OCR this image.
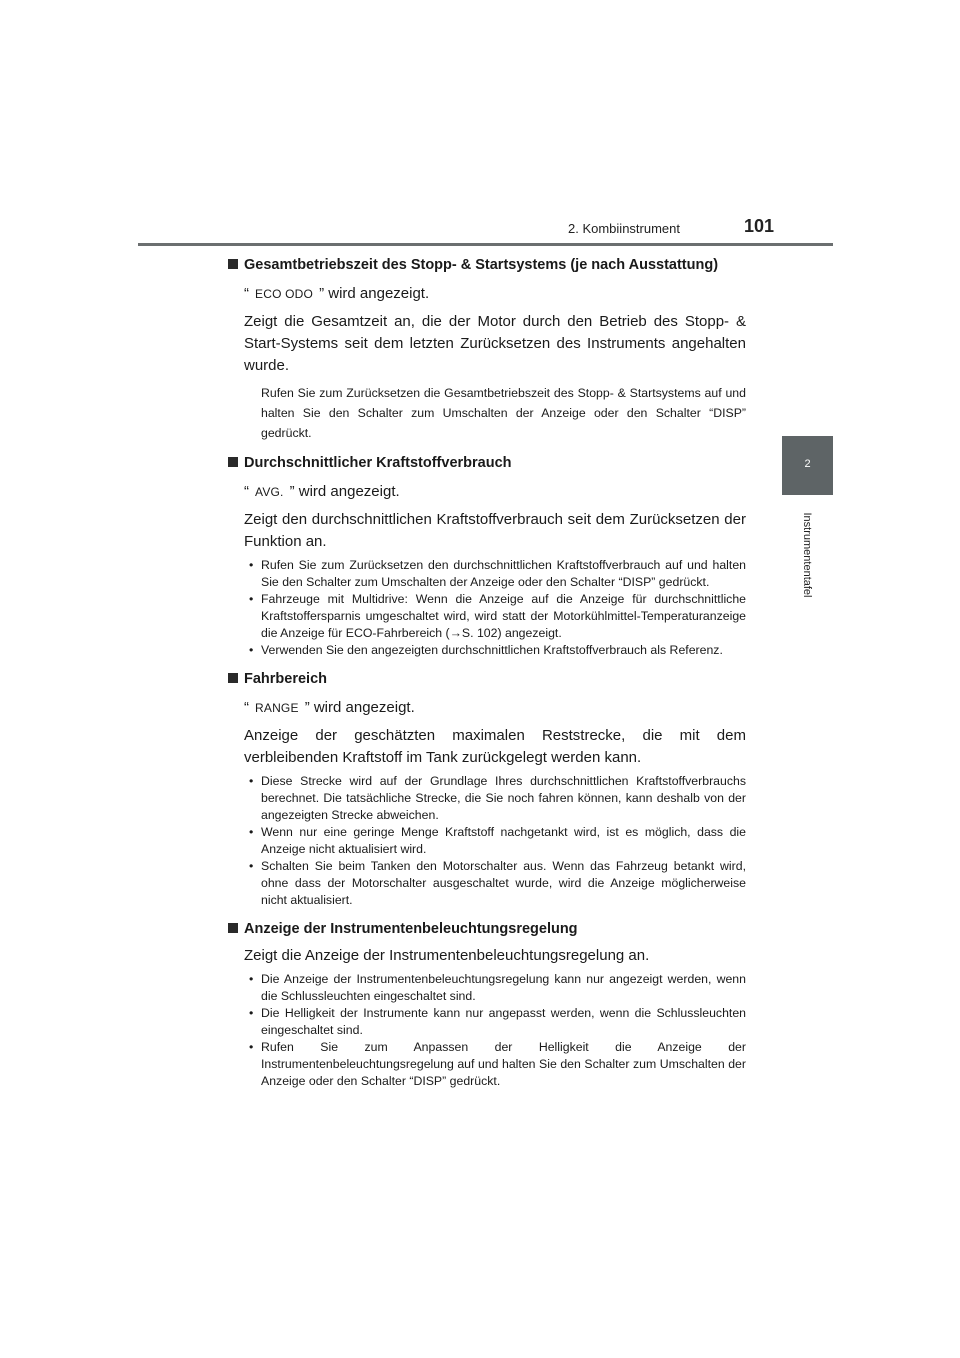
2. Kombiinstrument	101
2
Instrumententafel
Gesamtbetriebszeit des Stopp- & Startsystems (je nach Ausstattung)
“ ECO ODO ” wird angezeigt.
Zeigt die Gesamtzeit an, die der Motor durch den Betrieb des Stopp- & Start-Systems seit dem letzten Zurücksetzen des Instruments angehalten wurde.
Rufen Sie zum Zurücksetzen die Gesamtbetriebszeit des Stopp- & Startsystems auf und halten Sie den Schalter zum Umschalten der Anzeige oder den Schalter “DISP” gedrückt.
Durchschnittlicher Kraftstoffverbrauch
“ AVG. ” wird angezeigt.
Zeigt den durchschnittlichen Kraftstoffverbrauch seit dem Zurücksetzen der Funktion an.
• Rufen Sie zum Zurücksetzen den durchschnittlichen Kraftstoffverbrauch auf und halten Sie den Schalter zum Umschalten der Anzeige oder den Schalter “DISP” gedrückt.
• Fahrzeuge mit Multidrive: Wenn die Anzeige auf die Anzeige für durchschnittliche Kraftstoffersparnis umgeschaltet wird, wird statt der Motorkühlmittel-Temperaturanzeige die Anzeige für ECO-Fahrbereich (→S. 102) angezeigt.
• Verwenden Sie den angezeigten durchschnittlichen Kraftstoffverbrauch als Referenz.
Fahrbereich
“ RANGE ” wird angezeigt.
Anzeige der geschätzten maximalen Reststrecke, die mit dem verbleibenden Kraftstoff im Tank zurückgelegt werden kann.
• Diese Strecke wird auf der Grundlage Ihres durchschnittlichen Kraftstoffverbrauchs berechnet. Die tatsächliche Strecke, die Sie noch fahren können, kann deshalb von der angezeigten Strecke abweichen.
• Wenn nur eine geringe Menge Kraftstoff nachgetankt wird, ist es möglich, dass die Anzeige nicht aktualisiert wird.
• Schalten Sie beim Tanken den Motorschalter aus. Wenn das Fahrzeug betankt wird, ohne dass der Motorschalter ausgeschaltet wurde, wird die Anzeige möglicherweise nicht aktualisiert.
Anzeige der Instrumentenbeleuchtungsregelung
Zeigt die Anzeige der Instrumentenbeleuchtungsregelung an.
• Die Anzeige der Instrumentenbeleuchtungsregelung kann nur angezeigt werden, wenn die Schlussleuchten eingeschaltet sind.
• Die Helligkeit der Instrumente kann nur angepasst werden, wenn die Schlussleuchten eingeschaltet sind.
• Rufen Sie zum Anpassen der Helligkeit die Anzeige der Instrumentenbeleuchtungsregelung auf und halten Sie den Schalter zum Umschalten der Anzeige oder den Schalter “DISP” gedrückt.
